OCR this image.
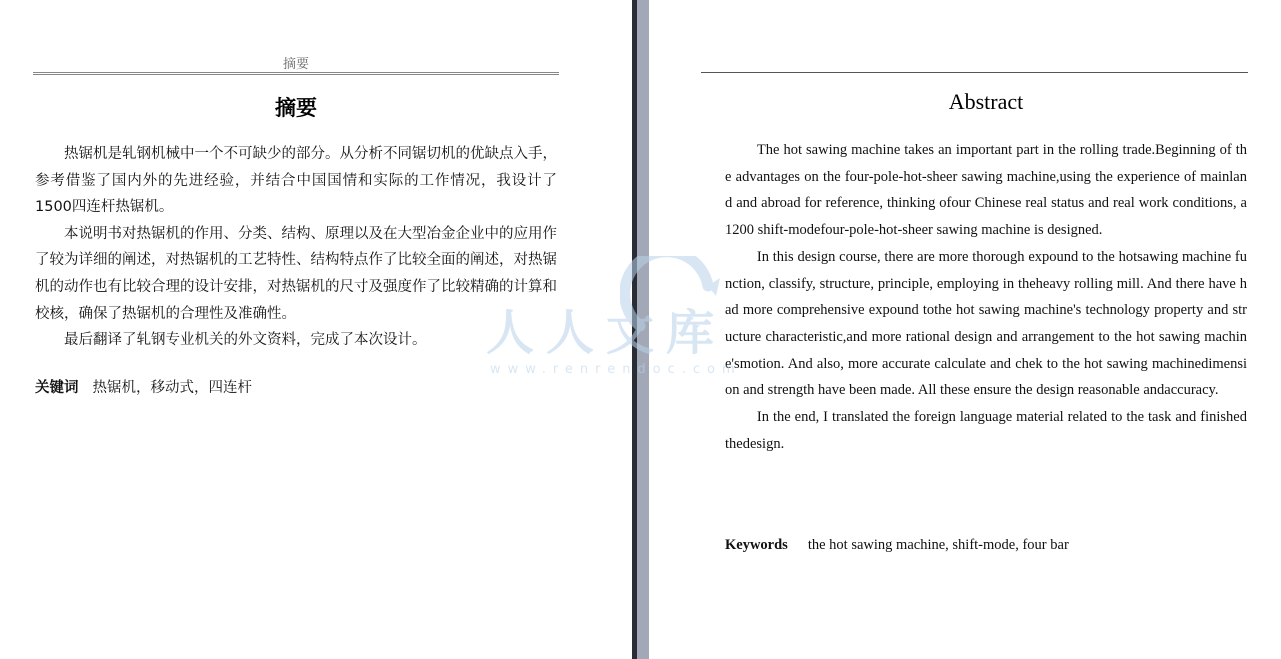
摘要
摘要

热锯机是轧钢机械中一个不可缺少的部分。从分析不同锯切机的优缺点入手，参考借鉴了国内外的先进经验，并结合中国国情和实际的工作情况，我设计了1500四连杆热锯机。

本说明书对热锯机的作用、分类、结构、原理以及在大型冶金企业中的应用作了较为详细的阐述，对热锯机的工艺特性、结构特点作了比较全面的阐述，对热锯机的动作也有比较合理的设计安排，对热锯机的尺寸及强度作了比较精确的计算和校核，确保了热锯机的合理性及准确性。

最后翻译了轧钢专业机关的外文资料，完成了本次设计。

关键词 热锯机，移动式，四连杆
Abstract

The hot sawing machine takes an important part in the rolling trade.Beginning of the advantages on the four-pole-hot-sheer sawing machine,using the experience of mainland and abroad for reference, thinking ofour Chinese real status and real work conditions, a 1200 shift-modefour-pole-hot-sheer sawing machine is designed.

In this design course, there are more thorough expound to the hotsawing machine function, classify, structure, principle, employing in theheavy rolling mill. And there have had more comprehensive expound tothe hot sawing machine's technology property and structure characteristic,and more rational design and arrangement to the hot sawing machine'smotion. And also, more accurate calculate and chek to the hot sawing machinedimension and strength have been made. All these ensure the design reasonable andaccuracy.

In the end, I translated the foreign language material related to the task and finished thedesign.

Keywords the hot sawing machine, shift-mode, four bar
人人文库
www.renrendoc.com
